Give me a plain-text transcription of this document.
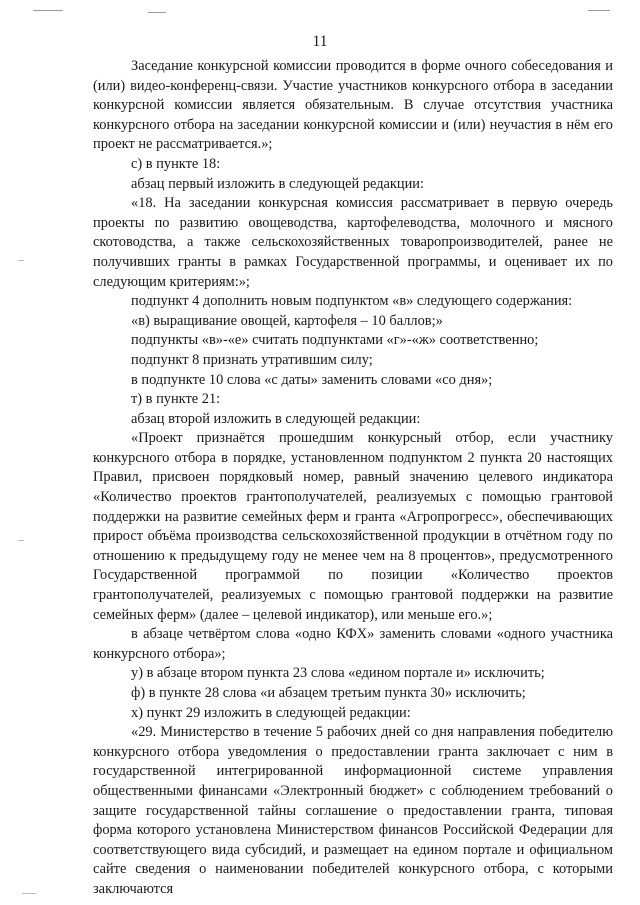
11

Заседание конкурсной комиссии проводится в форме очного собеседования и (или) видео-конференц-связи. Участие участников конкурсного отбора в заседании конкурсной комиссии является обязательным. В случае отсутствия участника конкурсного отбора на заседании конкурсной комиссии и (или) неучастия в нём его проект не рассматривается.»;

с) в пункте 18:

абзац первый изложить в следующей редакции:

«18. На заседании конкурсная комиссия рассматривает в первую очередь проекты по развитию овощеводства, картофелеводства, молочного и мясного скотоводства, а также сельскохозяйственных товаропроизводителей, ранее не получивших гранты в рамках Государственной программы, и оценивает их по следующим критериям:»;

подпункт 4 дополнить новым подпунктом «в» следующего содержания:

«в) выращивание овощей, картофеля – 10 баллов;»

подпункты «в»-«е» считать подпунктами «г»-«ж» соответственно;

подпункт 8 признать утратившим силу;

в подпункте 10 слова «с даты» заменить словами «со дня»;

т) в пункте 21:

абзац второй изложить в следующей редакции:

«Проект признаётся прошедшим конкурсный отбор, если участнику конкурсного отбора в порядке, установленном подпунктом 2 пункта 20 настоящих Правил, присвоен порядковый номер, равный значению целевого индикатора «Количество проектов грантополучателей, реализуемых с помощью грантовой поддержки на развитие семейных ферм и гранта «Агропрогресс», обеспечивающих прирост объёма производства сельскохозяйственной продукции в отчётном году по отношению к предыдущему году не менее чем на 8 процентов», предусмотренного Государственной программой по позиции «Количество проектов грантополучателей, реализуемых с помощью грантовой поддержки на развитие семейных ферм» (далее – целевой индикатор), или меньше его.»;

в абзаце четвёртом слова «одно КФХ» заменить словами «одного участника конкурсного отбора»;

у) в абзаце втором пункта 23 слова «едином портале и» исключить;

ф) в пункте 28 слова «и абзацем третьим пункта 30» исключить;

х) пункт 29 изложить в следующей редакции:

«29. Министерство в течение 5 рабочих дней со дня направления победителю конкурсного отбора уведомления о предоставлении гранта заключает с ним в государственной интегрированной информационной системе управления общественными финансами «Электронный бюджет» с соблюдением требований о защите государственной тайны соглашение о предоставлении гранта, типовая форма которого установлена Министерством финансов Российской Федерации для соответствующего вида субсидий, и размещает на едином портале и официальном сайте сведения о наименовании победителей конкурсного отбора, с которыми заключаются
